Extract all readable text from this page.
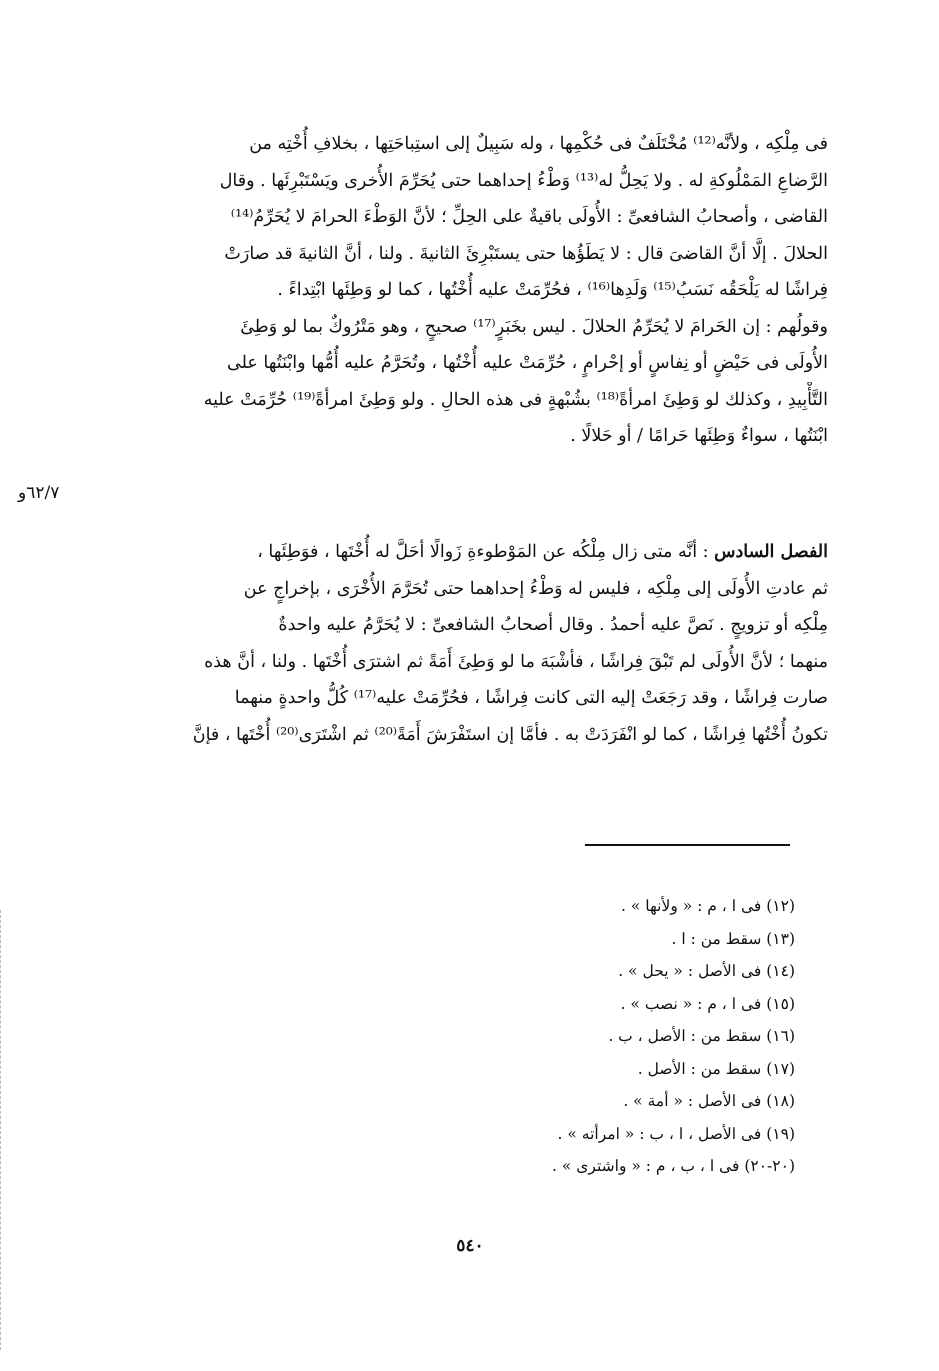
فى مِلْكِه ، ولأنَّه⁽¹²⁾ مُخْتَلَفٌ فى حُكْمِها ، وله سَبِيلٌ إلى استِباحَتِها ، بخلافِ أُخْتِه من
الرَّضاعِ المَمْلُوكةِ له . ولا يَحِلُّ له⁽¹³⁾ وَطْءُ إحداهما حتى يُحَرِّمَ الأُخرى ويَسْتَبْرِئَها . وقال
القاضى ، وأصحابُ الشافعىِّ : الأُولَى باقيةٌ على الحِلِّ ؛ لأنَّ الوَطْءَ الحرامَ لا يُحَرِّمُ⁽¹⁴⁾
الحلالَ . إلَّا أنَّ القاضىَ قال : لا يَطَؤُها حتى يستَبْرِئَ الثانيةَ . ولنا ، أنَّ الثانيةَ قد صارَتْ
فِراشًا له يَلْحَقُه نَسَبُ⁽¹⁵⁾ وَلَدِها⁽¹⁶⁾ ، فحُرِّمَتْ عليه أُخْتُها ، كما لو وَطِئَها ابْتِداءً .
وقولُهم : إن الحَرامَ لا يُحَرِّمُ الحلالَ . ليس بخَبَرٍ⁽¹⁷⁾ صحيحٍ ، وهو مَتْرُوكٌ بما لو وَطِئَ
الأُولَى فى حَيْضٍ أو نِفاسٍ أو إحْرامٍ ، حُرِّمَتْ عليه أُخْتُها ، وتُحَرَّمُ عليه أُمُّها وابْنَتُها على
التَّأْبِيدِ ، وكذلك لو وَطِئَ امرأةً⁽¹⁸⁾ بشُبْهةٍ فى هذه الحالِ . ولو وَطِئَ امرأةً⁽¹⁹⁾ حُرِّمَتْ عليه
ابْنَتُها ، سواءٌ وَطِئَها حَرامًا / أو حَلالًا .
٦٢/٧و
الفصل السادس : أنَّه متى زال مِلْكُه عن المَوْطوءةِ زَوالًا أحَلَّ له أُخْتَها ، فوَطِئَها ،
ثم عادتِ الأُولَى إلى مِلْكِه ، فليس له وَطْءُ إحداهما حتى تُحَرَّمَ الأُخْرَى ، بإخراجٍ عن
مِلْكِه أو تزويجٍ . نَصَّ عليه أحمدُ . وقال أصحابُ الشافعىِّ : لا يُحَرَّمُ عليه واحدةٌ
منهما ؛ لأنَّ الأُولَى لم تَبْقَ فِراشًا ، فأشْبَهَ ما لو وَطِئَ أَمَةً ثم اشترَى أُخْتَها . ولنا ، أنَّ هذه
صارت فِراشًا ، وقد رَجَعَتْ إليه التى كانت فِراشًا ، فحُرِّمَتْ عليه⁽¹⁷⁾ كُلُّ واحدةٍ منهما
تكونُ أُخْتُها فِراشًا ، كما لو انْفَرَدَتْ به . فأمَّا إن استَفْرَشَ أَمَةً⁽²⁰⁾ ثم اشْتَرَى⁽²⁰⁾ أُخْتَها ، فإنَّ
(١٢) فى ا ، م : « ولأنها » .
(١٣) سقط من : ا .
(١٤) فى الأصل : « يحل » .
(١٥) فى ا ، م : « نصب » .
(١٦) سقط من : الأصل ، ب .
(١٧) سقط من : الأصل .
(١٨) فى الأصل : « أمة » .
(١٩) فى الأصل ، ا ، ب : « امرأته » .
(٢٠-٢٠) فى ا ، ب ، م : « واشترى » .
٥٤٠
